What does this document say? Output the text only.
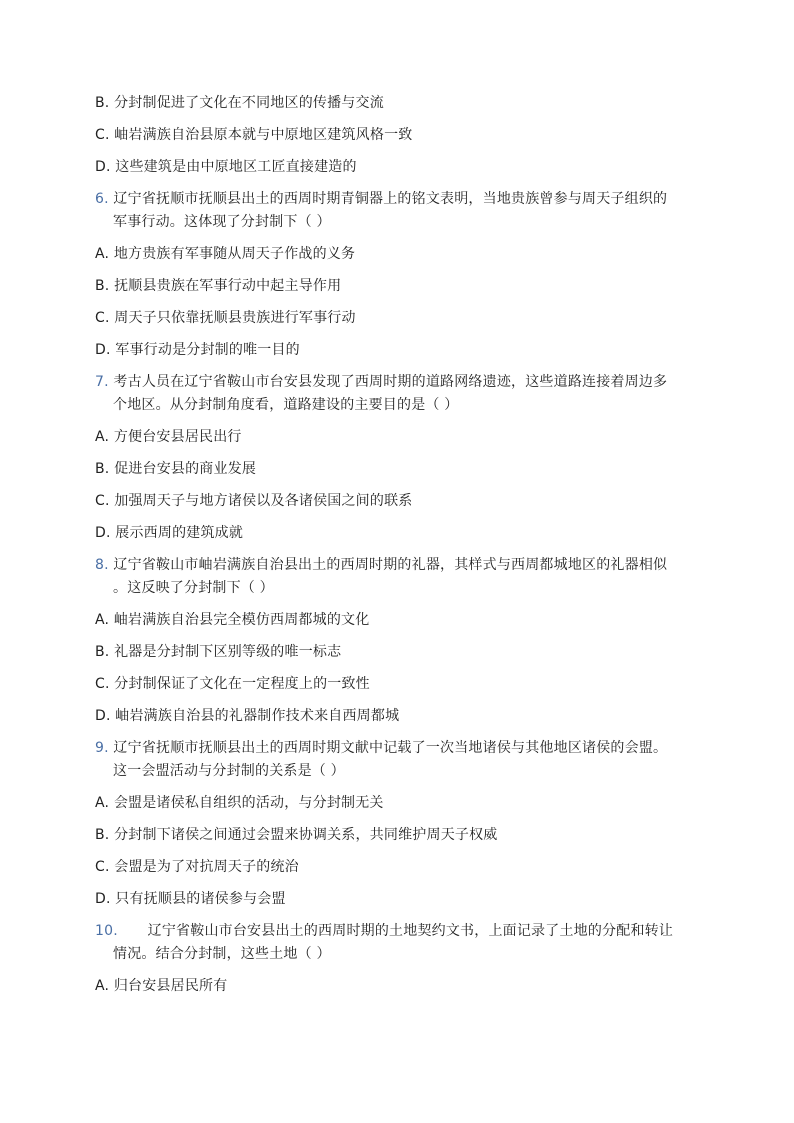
B. 分封制促进了文化在不同地区的传播与交流
C. 岫岩满族自治县原本就与中原地区建筑风格一致
D. 这些建筑是由中原地区工匠直接建造的
6. 辽宁省抚顺市抚顺县出土的西周时期青铜器上的铭文表明，当地贵族曾参与周天子组织的
军事行动。这体现了分封制下（ ）
A. 地方贵族有军事随从周天子作战的义务
B. 抚顺县贵族在军事行动中起主导作用
C. 周天子只依靠抚顺县贵族进行军事行动
D. 军事行动是分封制的唯一目的
7. 考古人员在辽宁省鞍山市台安县发现了西周时期的道路网络遗迹，这些道路连接着周边多
个地区。从分封制角度看，道路建设的主要目的是（ ）
A. 方便台安县居民出行
B. 促进台安县的商业发展
C. 加强周天子与地方诸侯以及各诸侯国之间的联系
D. 展示西周的建筑成就
8. 辽宁省鞍山市岫岩满族自治县出土的西周时期的礼器，其样式与西周都城地区的礼器相似
。这反映了分封制下（ ）
A. 岫岩满族自治县完全模仿西周都城的文化
B. 礼器是分封制下区别等级的唯一标志
C. 分封制保证了文化在一定程度上的一致性
D. 岫岩满族自治县的礼器制作技术来自西周都城
9. 辽宁省抚顺市抚顺县出土的西周时期文献中记载了一次当地诸侯与其他地区诸侯的会盟。
这一会盟活动与分封制的关系是（ ）
A. 会盟是诸侯私自组织的活动，与分封制无关
B. 分封制下诸侯之间通过会盟来协调关系，共同维护周天子权威
C. 会盟是为了对抗周天子的统治
D. 只有抚顺县的诸侯参与会盟
10. 辽宁省鞍山市台安县出土的西周时期的土地契约文书，上面记录了土地的分配和转让
情况。结合分封制，这些土地（ ）
A. 归台安县居民所有
